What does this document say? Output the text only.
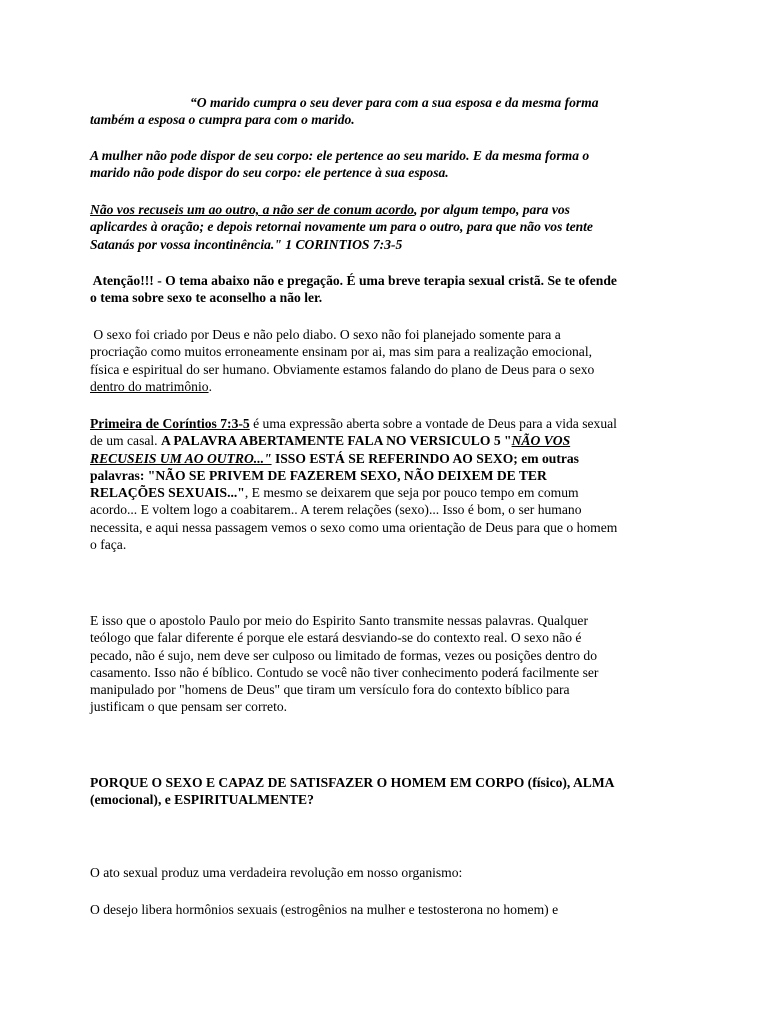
“O marido cumpra o seu dever para com a sua esposa e da mesma forma
também a esposa o cumpra para com o marido.
A mulher não pode dispor de seu corpo: ele pertence ao seu marido. E da mesma forma o
marido não pode dispor do seu corpo: ele pertence à sua esposa.
Não vos recuseis um ao outro, a não ser de conum acordo, por algum tempo, para vos
aplicardes à oração; e depois retornai novamente um para o outro, para que não vos tente
Satanás por vossa incontinência." 1 CORINTIOS 7:3-5
Atenção!!! - O tema abaixo não e pregação. É uma breve terapia sexual cristã. Se te ofende
o tema sobre sexo te aconselho a não ler.
O sexo foi criado por Deus e não pelo diabo. O sexo não foi planejado somente para a
procriação como muitos erroneamente ensinam por ai, mas sim para a realização emocional,
física e espiritual do ser humano. Obviamente estamos falando do plano de Deus para o sexo
dentro do matrimônio.
Primeira de Coríntios 7:3-5 é uma expressão aberta sobre a vontade de Deus para a vida sexual
de um casal. A PALAVRA ABERTAMENTE FALA NO VERSICULO 5 "NÃO VOS
RECUSEIS UM AO OUTRO..." ISSO ESTÁ SE REFERINDO AO SEXO; em outras
palavras: "NÃO SE PRIVEM DE FAZEREM SEXO, NÃO DEIXEM DE TER
RELAÇÕES SEXUAIS...", E mesmo se deixarem que seja por pouco tempo em comum
acordo... E voltem logo a coabitarem.. A terem relações (sexo)... Isso é bom, o ser humano
necessita, e aqui nessa passagem vemos o sexo como uma orientação de Deus para que o homem
o faça.
E isso que o apostolo Paulo por meio do Espirito Santo transmite nessas palavras. Qualquer
teólogo que falar diferente é porque ele estará desviando-se do contexto real. O sexo não é
pecado, não é sujo, nem deve ser culposo ou limitado de formas, vezes ou posições dentro do
casamento. Isso não é bíblico. Contudo se você não tiver conhecimento poderá facilmente ser
manipulado por "homens de Deus" que tiram um versículo fora do contexto bíblico para
justificam o que pensam ser correto.
PORQUE O SEXO E CAPAZ DE SATISFAZER O HOMEM EM CORPO (físico), ALMA
(emocional), e ESPIRITUALMENTE?
O ato sexual produz uma verdadeira revolução em nosso organismo:
O desejo libera hormônios sexuais (estrogênios na mulher e testosterona no homem) e
